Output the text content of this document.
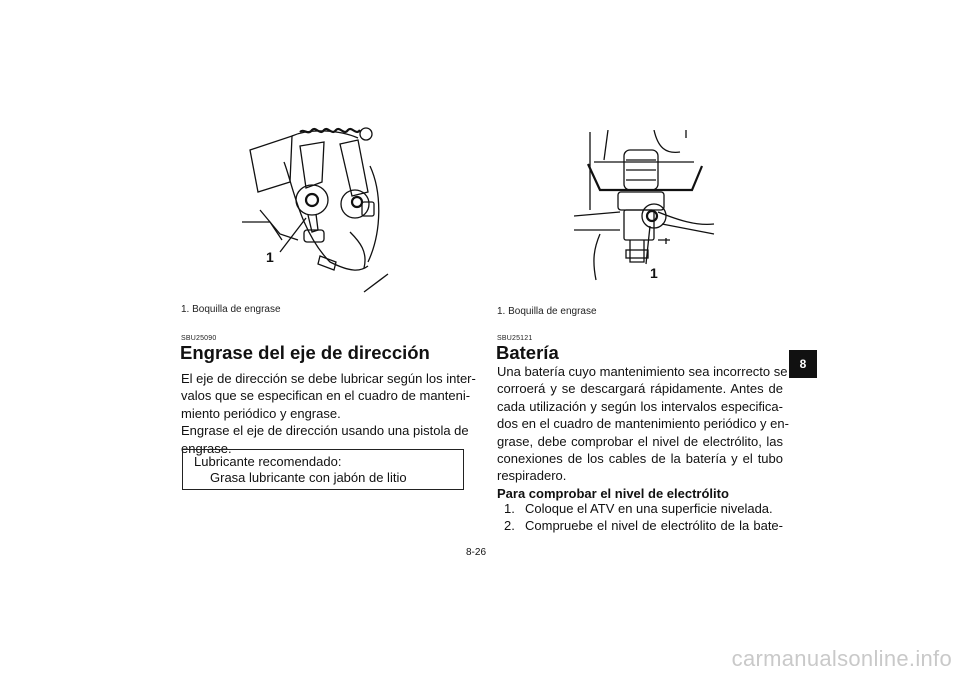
1
1. Boquilla de engrase
SBU25090
Engrase del eje de dirección
El eje de dirección se debe lubricar según los inter-
valos que se especifican en el cuadro de manteni-
miento periódico y engrase.
Engrase el eje de dirección usando una pistola de
engrase.
Lubricante recomendado:
Grasa lubricante con jabón de litio
1
1. Boquilla de engrase
SBU25121
Batería
Una batería cuyo mantenimiento sea incorrecto se
corroerá y se descargará rápidamente. Antes de
cada utilización y según los intervalos especifica-
dos en el cuadro de mantenimiento periódico y en-
grase, debe comprobar el nivel de electrólito, las
conexiones de los cables de la batería y el tubo
respiradero.
Para comprobar el nivel de electrólito
1. Coloque el ATV en una superficie nivelada.
2. Compruebe el nivel de electrólito de la bate-
8
8-26
carmanualsonline.info
